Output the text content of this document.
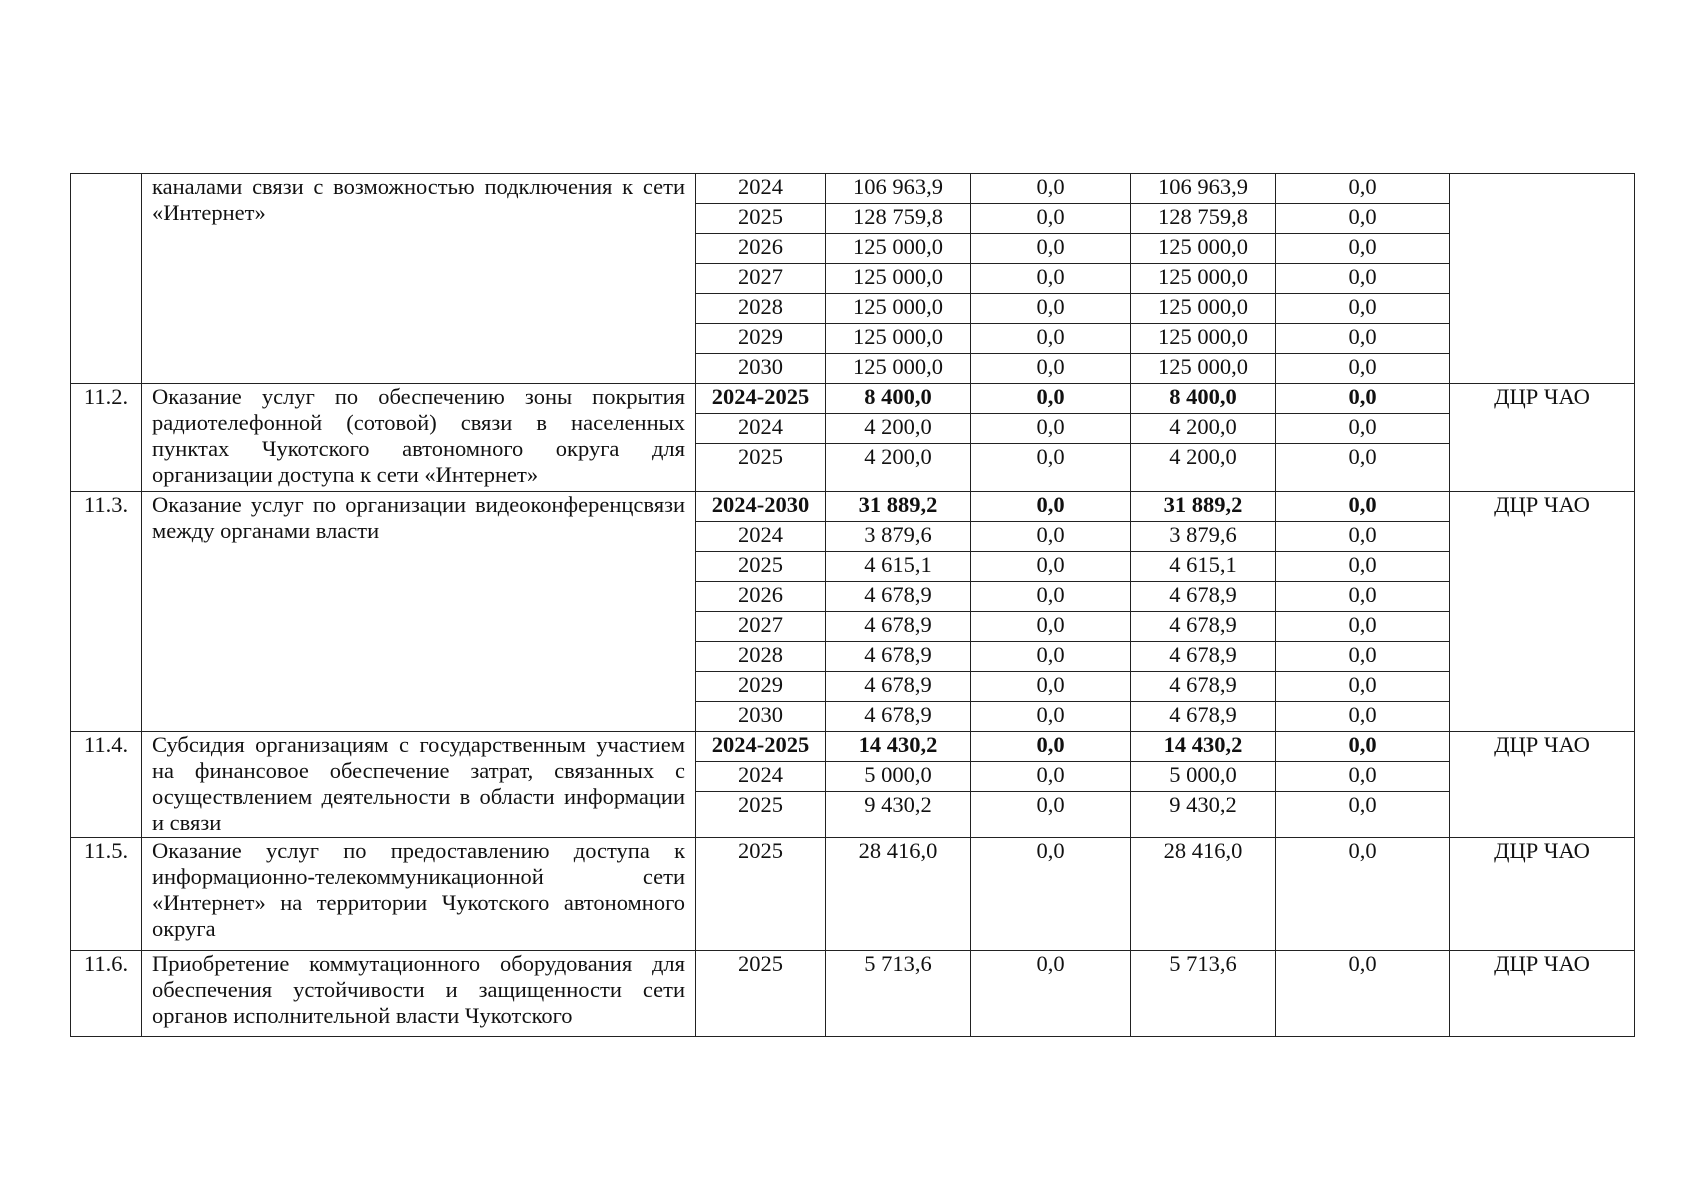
	каналами связи с возможностью подключения к сети «Интернет»	2024	106 963,9	0,0	106 963,9	0,0	
		2025	128 759,8	0,0	128 759,8	0,0	
		2026	125 000,0	0,0	125 000,0	0,0	
		2027	125 000,0	0,0	125 000,0	0,0	
		2028	125 000,0	0,0	125 000,0	0,0	
		2029	125 000,0	0,0	125 000,0	0,0	
		2030	125 000,0	0,0	125 000,0	0,0	
11.2.	Оказание услуг по обеспечению зоны покрытия радиотелефонной (сотовой) связи в населенных пунктах Чукотского автономного округа для организации доступа к сети «Интернет»	2024-2025	8 400,0	0,0	8 400,0	0,0	ДЦР ЧАО
		2024	4 200,0	0,0	4 200,0	0,0	
		2025	4 200,0	0,0	4 200,0	0,0	
11.3.	Оказание услуг по организации видеоконференцсвязи между органами власти	2024-2030	31 889,2	0,0	31 889,2	0,0	ДЦР ЧАО
		2024	3 879,6	0,0	3 879,6	0,0	
		2025	4 615,1	0,0	4 615,1	0,0	
		2026	4 678,9	0,0	4 678,9	0,0	
		2027	4 678,9	0,0	4 678,9	0,0	
		2028	4 678,9	0,0	4 678,9	0,0	
		2029	4 678,9	0,0	4 678,9	0,0	
		2030	4 678,9	0,0	4 678,9	0,0	
11.4.	Субсидия организациям с государственным участием на финансовое обеспечение затрат, связанных с осуществлением деятельности в области информации и связи	2024-2025	14 430,2	0,0	14 430,2	0,0	ДЦР ЧАО
		2024	5 000,0	0,0	5 000,0	0,0	
		2025	9 430,2	0,0	9 430,2	0,0	
11.5.	Оказание услуг по предоставлению доступа к информационно-телекоммуникационной сети «Интернет» на территории Чукотского автономного округа	2025	28 416,0	0,0	28 416,0	0,0	ДЦР ЧАО
11.6.	Приобретение коммутационного оборудования для обеспечения устойчивости и защищенности сети органов исполнительной власти Чукотского	2025	5 713,6	0,0	5 713,6	0,0	ДЦР ЧАО
